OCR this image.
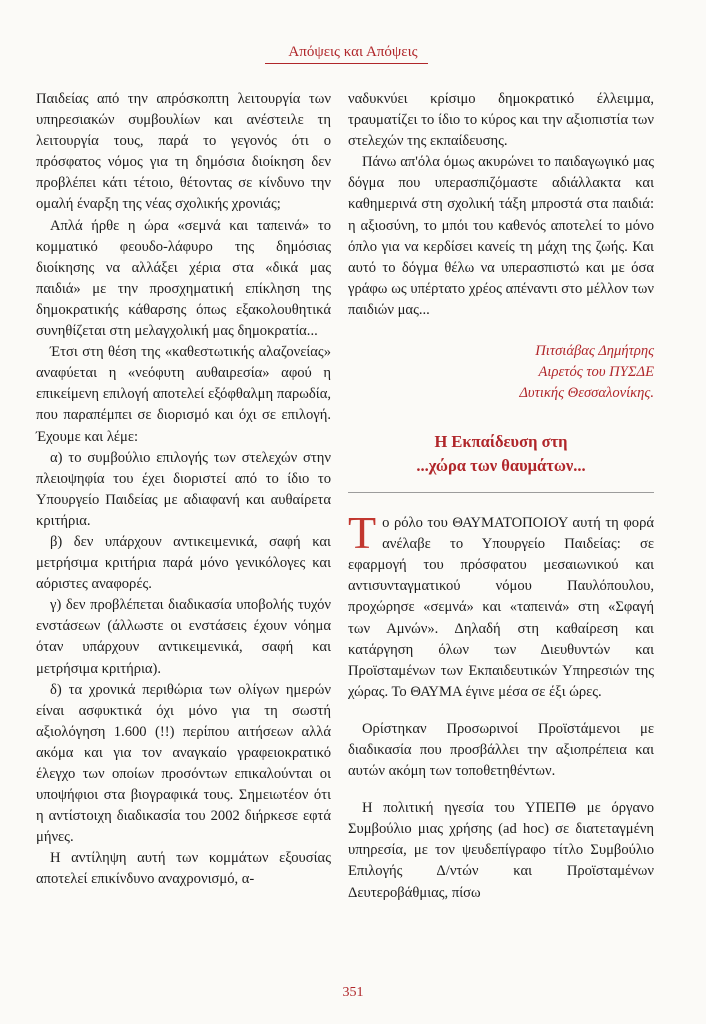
Απόψεις και Απόψεις

Παιδείας από την απρόσκοπτη λειτουργία των υπηρεσιακών συμβουλίων και ανέστειλε τη λειτουργία τους, παρά το γεγονός ότι ο πρόσφατος νόμος για τη δημόσια διοίκηση δεν προβλέπει κάτι τέτοιο, θέτοντας σε κίνδυνο την ομαλή έναρξη της νέας σχολικής χρονιάς;

Απλά ήρθε η ώρα «σεμνά και ταπεινά» το κομματικό φεουδο-λάφυρο της δημόσιας διοίκησης να αλλάξει χέρια στα «δικά μας παιδιά» με την προσχηματική επίκληση της δημοκρατικής κάθαρσης όπως εξακολουθητικά συνηθίζεται στη μελαγχολική μας δημοκρατία...

Έτσι στη θέση της «καθεστωτικής αλαζονείας» αναφύεται η «νεόφυτη αυθαιρεσία» αφού η επικείμενη επιλογή αποτελεί εξόφθαλμη παρωδία, που παραπέμπει σε διορισμό και όχι σε επιλογή. Έχουμε και λέμε:

α) το συμβούλιο επιλογής των στελεχών στην πλειοψηφία του έχει διοριστεί από το ίδιο το Υπουργείο Παιδείας με αδιαφανή και αυθαίρετα κριτήρια.

β) δεν υπάρχουν αντικειμενικά, σαφή και μετρήσιμα κριτήρια παρά μόνο γενικόλογες και αόριστες αναφορές.

γ) δεν προβλέπεται διαδικασία υποβολής τυχόν ενστάσεων (άλλωστε οι ενστάσεις έχουν νόημα όταν υπάρχουν αντικειμενικά, σαφή και μετρήσιμα κριτήρια).

δ) τα χρονικά περιθώρια των ολίγων ημερών είναι ασφυκτικά όχι μόνο για τη σωστή αξιολόγηση 1.600 (!!) περίπου αιτήσεων αλλά ακόμα και για τον αναγκαίο γραφειοκρατικό έλεγχο των οποίων προσόντων επικαλούνται οι υποψήφιοι στα βιογραφικά τους. Σημειωτέον ότι η αντίστοιχη διαδικασία του 2002 διήρκεσε εφτά μήνες.

Η αντίληψη αυτή των κομμάτων εξουσίας αποτελεί επικίνδυνο αναχρονισμό, α-

ναδυκνύει κρίσιμο δημοκρατικό έλλειμμα, τραυματίζει το ίδιο το κύρος και την αξιοπιστία των στελεχών της εκπαίδευσης.

Πάνω απ'όλα όμως ακυρώνει το παιδαγωγικό μας δόγμα που υπερασπιζόμαστε αδιάλλακτα και καθημερινά στη σχολική τάξη μπροστά στα παιδιά: η αξιοσύνη, το μπόι του καθενός αποτελεί το μόνο όπλο για να κερδίσει κανείς τη μάχη της ζωής. Και αυτό το δόγμα θέλω να υπερασπιστώ και με όσα γράφω ως υπέρτατο χρέος απέναντι στο μέλλον των παιδιών μας...

Πιτσιάβας Δημήτρης
Αιρετός του ΠΥΣΔΕ
Δυτικής Θεσσαλονίκης.
Η Εκπαίδευση στη
...χώρα των θαυμάτων...

Το ρόλο του ΘΑΥΜΑΤΟΠΟΙΟΥ αυτή τη φορά ανέλαβε το Υπουργείο Παιδείας: σε εφαρμογή του πρόσφατου μεσαιωνικού και αντισυνταγματικού νόμου Παυλόπουλου, προχώρησε «σεμνά» και «ταπεινά» στη «Σφαγή των Αμνών». Δηλαδή στη καθαίρεση και κατάργηση όλων των Διευθυντών και Προϊσταμένων των Εκπαιδευτικών Υπηρεσιών της χώρας. Το ΘΑΥΜΑ έγινε μέσα σε έξι ώρες.

Ορίστηκαν Προσωρινοί Προϊστάμενοι με διαδικασία που προσβάλλει την αξιοπρέπεια και αυτών ακόμη των τοποθετηθέντων.

Η πολιτική ηγεσία του ΥΠΕΠΘ με όργανο Συμβούλιο μιας χρήσης (ad hoc) σε διατεταγμένη υπηρεσία, με τον ψευδεπίγραφο τίτλο Συμβούλιο Επιλογής Δ/ντών και Προϊσταμένων Δευτεροβάθμιας, πίσω

351
